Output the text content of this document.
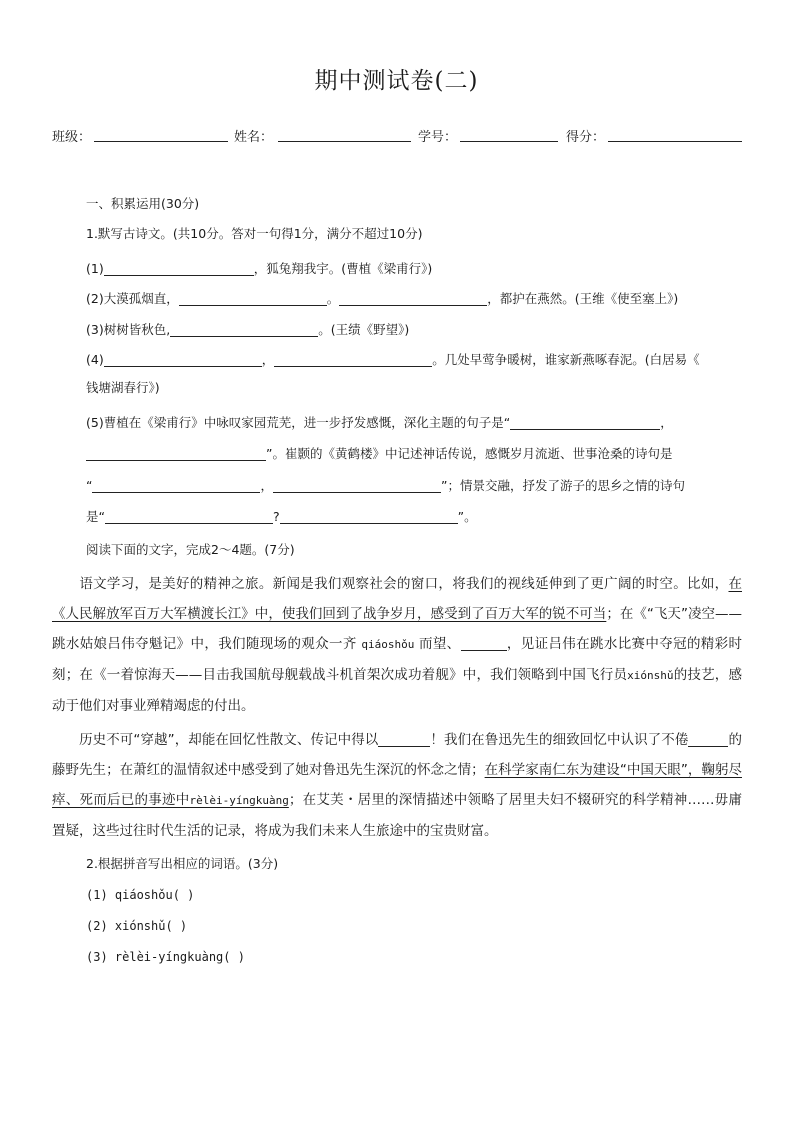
期中测试卷(二)
班级：	姓名：	学号：	得分：
一、积累运用(30分)
1.默写古诗文。(共10分。答对一句得1分，满分不超过10分)
(1)	，狐兔翔我宇。(曹植《梁甫行》)
(2)大漠孤烟直，	。	，都护在燕然。(王维《使至塞上》)
(3)树树皆秋色,	。(王绩《野望》)
(4)	，	。几处早莺争暖树，谁家新燕啄春泥。(白居易《
钱塘湖春行》)
(5)曹植在《梁甫行》中咏叹家园荒芜，进一步抒发感慨，深化主题的句子是“	，
”。崔颢的《黄鹤楼》中记述神话传说，感慨岁月流逝、世事沧桑的诗句是
“	，	”；情景交融，抒发了游子的思乡之情的诗句
是“	?	”。
阅读下面的文字，完成2～4题。(7分)
语文学习，是美好的精神之旅。新闻是我们观察社会的窗口，将我们的视线延伸到了更广阔的时空。比如，在《人民解放军百万大军横渡长江》中，使我们回到了战争岁月，感受到了百万大军的锐不可当；在《“飞天”凌空——跳水姑娘吕伟夺魁记》中，我们随现场的观众一齐 qiáoshǒu 而望、	，见证吕伟在跳水比赛中夺冠的精彩时刻；在《一着惊海天——目击我国航母舰载战斗机首架次成功着舰》中，我们领略到中国飞行员xiónshǔ的技艺，感动于他们对事业殚精竭虑的付出。
历史不可“穿越”，却能在回忆性散文、传记中得以	！我们在鲁迅先生的细致回忆中认识了不倦	的藤野先生；在萧红的温情叙述中感受到了她对鲁迅先生深沉的怀念之情；在科学家南仁东为建设“中国天眼”，鞠躬尽瘁、死而后已的事迹中rèlèi-yíngkuàng；在艾芙・居里的深情描述中领略了居里夫妇不辍研究的科学精神……毋庸置疑，这些过往时代生活的记录，将成为我们未来人生旅途中的宝贵财富。
2.根据拼音写出相应的词语。(3分)
(1) qiáoshǒu( )
(2) xiónshǔ( )
(3) rèlèi-yíngkuàng( )
